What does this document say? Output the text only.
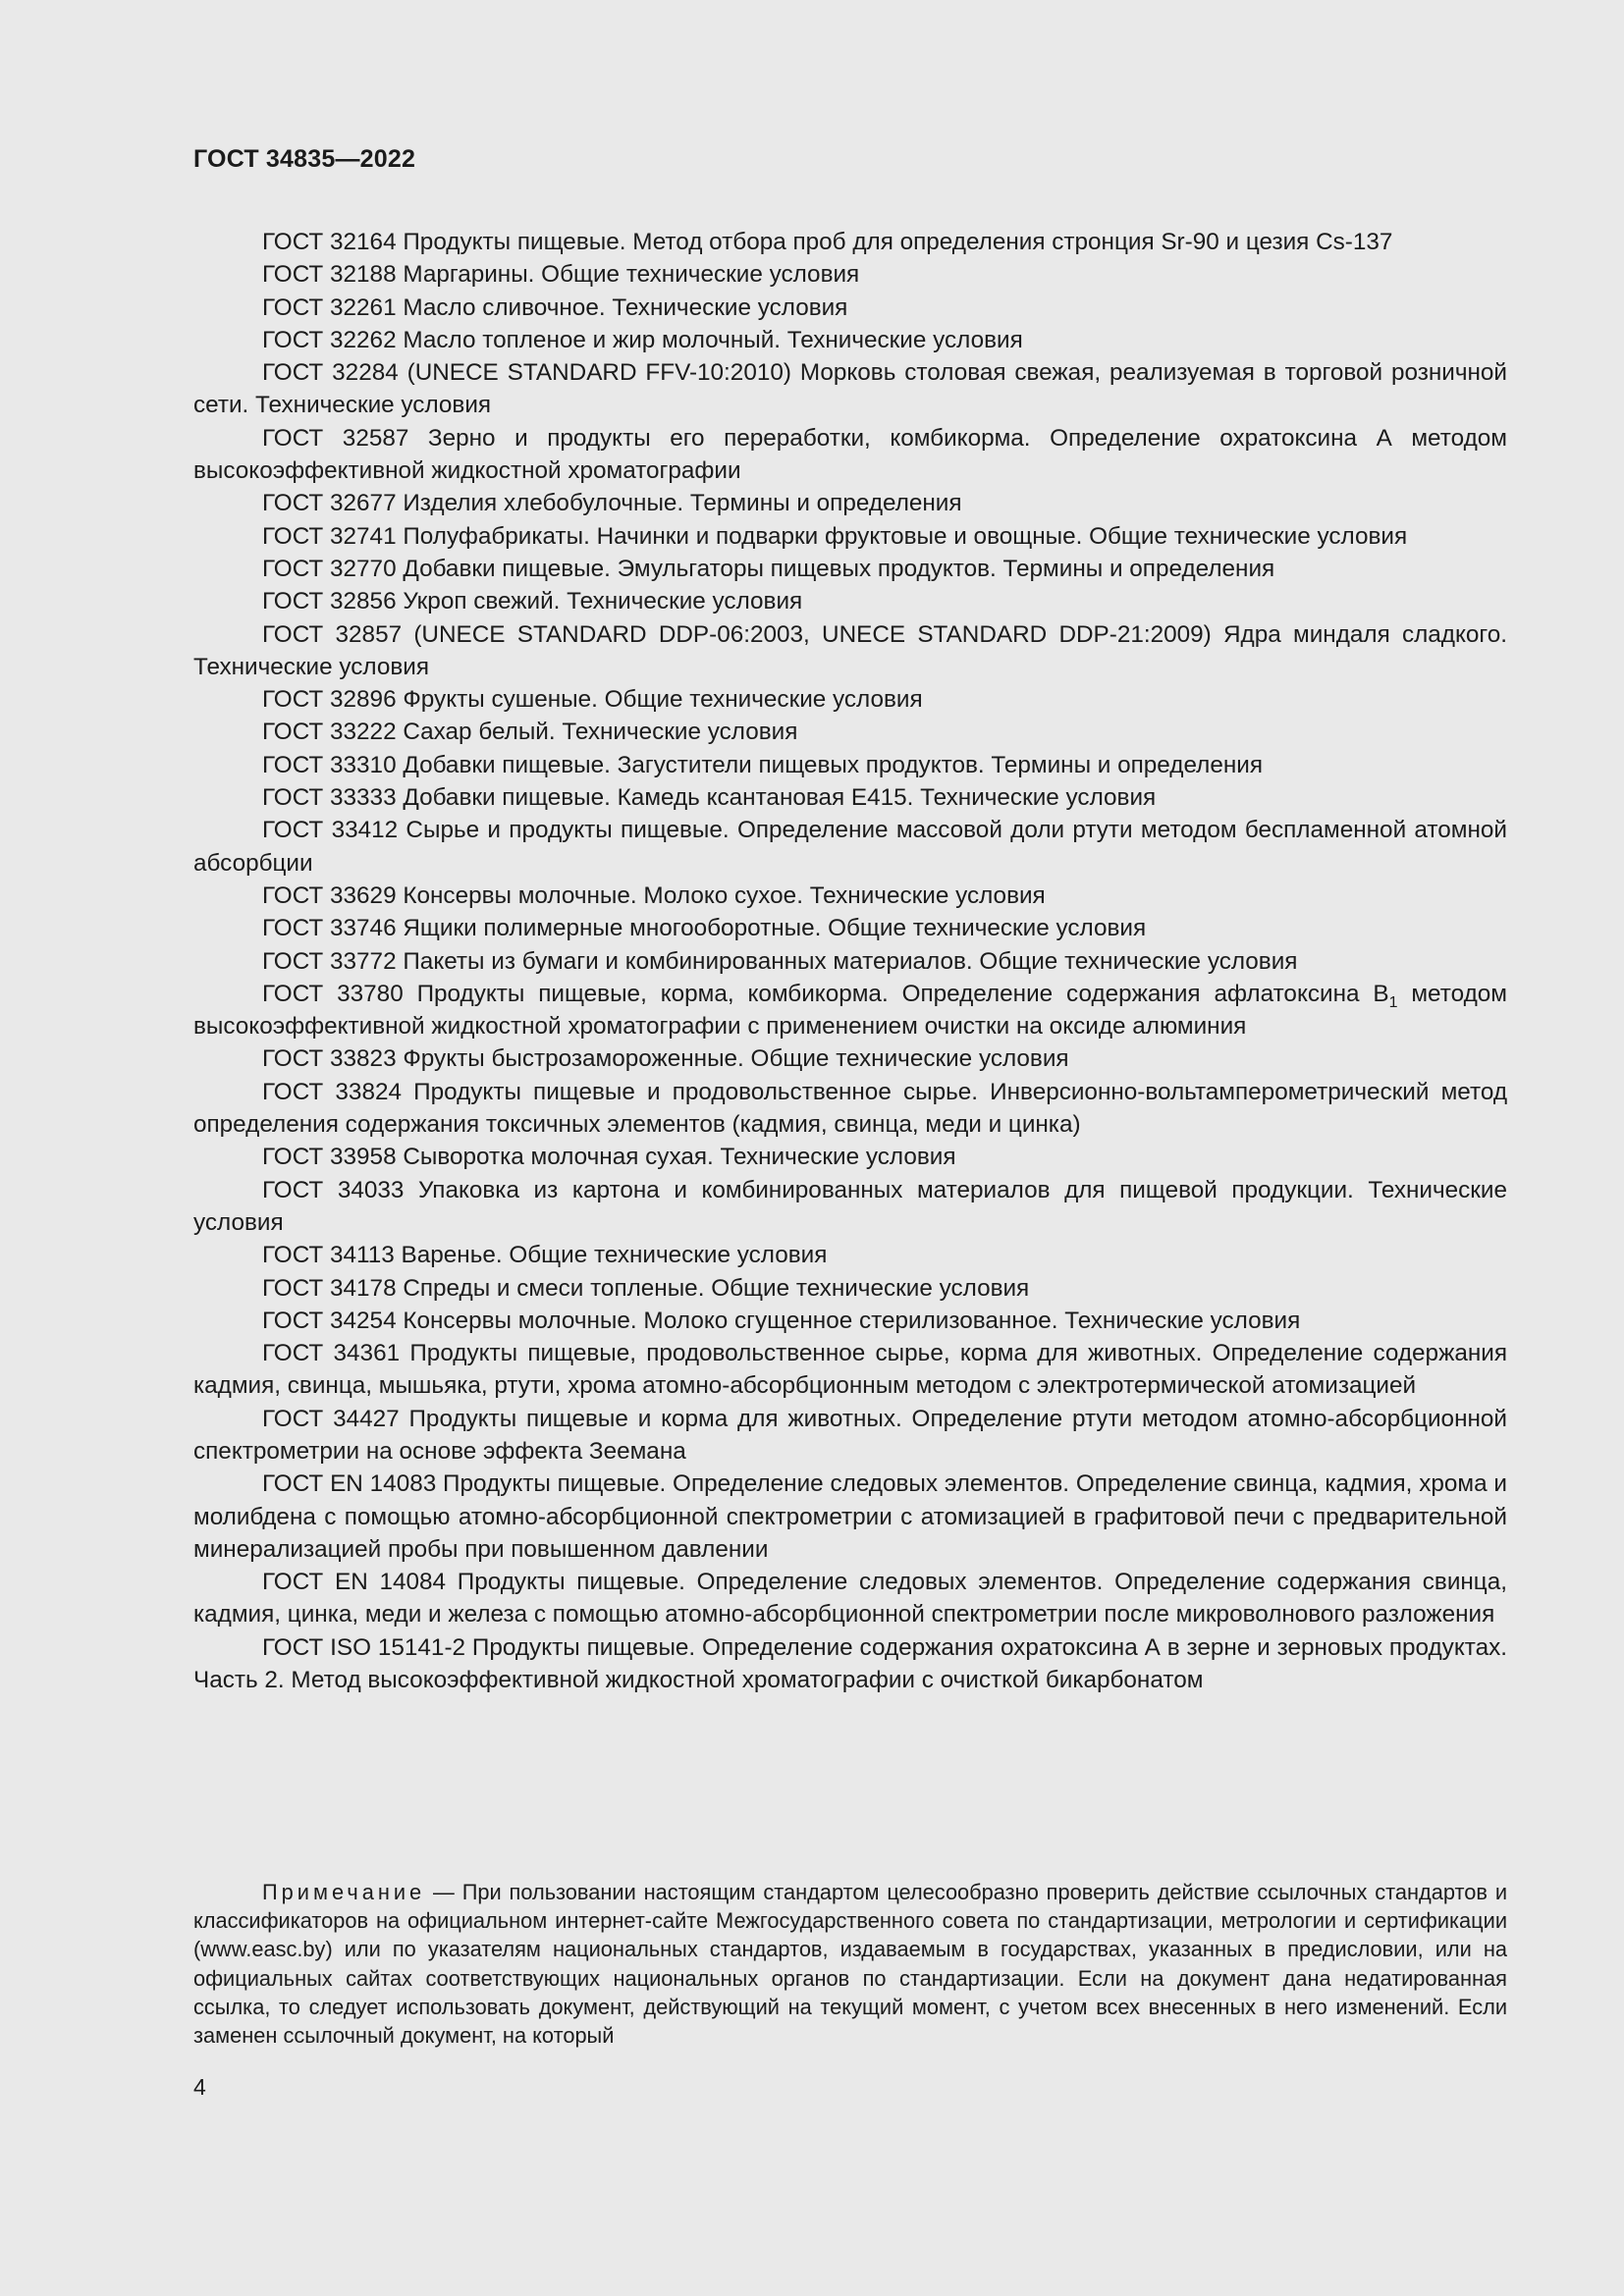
ГОСТ 34835—2022

ГОСТ 32164 Продукты пищевые. Метод отбора проб для определения стронция Sr-90 и цезия Cs-137

ГОСТ 32188 Маргарины. Общие технические условия

ГОСТ 32261 Масло сливочное. Технические условия

ГОСТ 32262 Масло топленое и жир молочный. Технические условия

ГОСТ 32284 (UNECE STANDARD FFV-10:2010) Морковь столовая свежая, реализуемая в торговой розничной сети. Технические условия

ГОСТ 32587 Зерно и продукты его переработки, комбикорма. Определение охратоксина А методом высокоэффективной жидкостной хроматографии

ГОСТ 32677 Изделия хлебобулочные. Термины и определения

ГОСТ 32741 Полуфабрикаты. Начинки и подварки фруктовые и овощные. Общие технические условия

ГОСТ 32770 Добавки пищевые. Эмульгаторы пищевых продуктов. Термины и определения

ГОСТ 32856 Укроп свежий. Технические условия

ГОСТ 32857 (UNECE STANDARD DDP-06:2003, UNECE STANDARD DDP-21:2009) Ядра миндаля сладкого. Технические условия

ГОСТ 32896 Фрукты сушеные. Общие технические условия

ГОСТ 33222 Сахар белый. Технические условия

ГОСТ 33310 Добавки пищевые. Загустители пищевых продуктов. Термины и определения

ГОСТ 33333 Добавки пищевые. Камедь ксантановая Е415. Технические условия

ГОСТ 33412 Сырье и продукты пищевые. Определение массовой доли ртути методом беспламенной атомной абсорбции

ГОСТ 33629 Консервы молочные. Молоко сухое. Технические условия

ГОСТ 33746 Ящики полимерные многооборотные. Общие технические условия

ГОСТ 33772 Пакеты из бумаги и комбинированных материалов. Общие технические условия

ГОСТ 33780 Продукты пищевые, корма, комбикорма. Определение содержания афлатоксина $B_1$ методом высокоэффективной жидкостной хроматографии с применением очистки на оксиде алюминия

ГОСТ 33823 Фрукты быстрозамороженные. Общие технические условия

ГОСТ 33824 Продукты пищевые и продовольственное сырье. Инверсионно-вольтамперометрический метод определения содержания токсичных элементов (кадмия, свинца, меди и цинка)

ГОСТ 33958 Сыворотка молочная сухая. Технические условия

ГОСТ 34033 Упаковка из картона и комбинированных материалов для пищевой продукции. Технические условия

ГОСТ 34113 Варенье. Общие технические условия

ГОСТ 34178 Спреды и смеси топленые. Общие технические условия

ГОСТ 34254 Консервы молочные. Молоко сгущенное стерилизованное. Технические условия

ГОСТ 34361 Продукты пищевые, продовольственное сырье, корма для животных. Определение содержания кадмия, свинца, мышьяка, ртути, хрома атомно-абсорбционным методом с электротермической атомизацией

ГОСТ 34427 Продукты пищевые и корма для животных. Определение ртути методом атомно-абсорбционной спектрометрии на основе эффекта Зеемана

ГОСТ EN 14083 Продукты пищевые. Определение следовых элементов. Определение свинца, кадмия, хрома и молибдена с помощью атомно-абсорбционной спектрометрии с атомизацией в графитовой печи с предварительной минерализацией пробы при повышенном давлении

ГОСТ EN 14084 Продукты пищевые. Определение следовых элементов. Определение содержания свинца, кадмия, цинка, меди и железа с помощью атомно-абсорбционной спектрометрии после микроволнового разложения

ГОСТ ISO 15141-2 Продукты пищевые. Определение содержания охратоксина А в зерне и зерновых продуктах. Часть 2. Метод высокоэффективной жидкостной хроматографии с очисткой бикарбонатом

Примечание — При пользовании настоящим стандартом целесообразно проверить действие ссылочных стандартов и классификаторов на официальном интернет-сайте Межгосударственного совета по стандартизации, метрологии и сертификации (www.easc.by) или по указателям национальных стандартов, издаваемым в государствах, указанных в предисловии, или на официальных сайтах соответствующих национальных органов по стандартизации. Если на документ дана недатированная ссылка, то следует использовать документ, действующий на текущий момент, с учетом всех внесенных в него изменений. Если заменен ссылочный документ, на который

4
